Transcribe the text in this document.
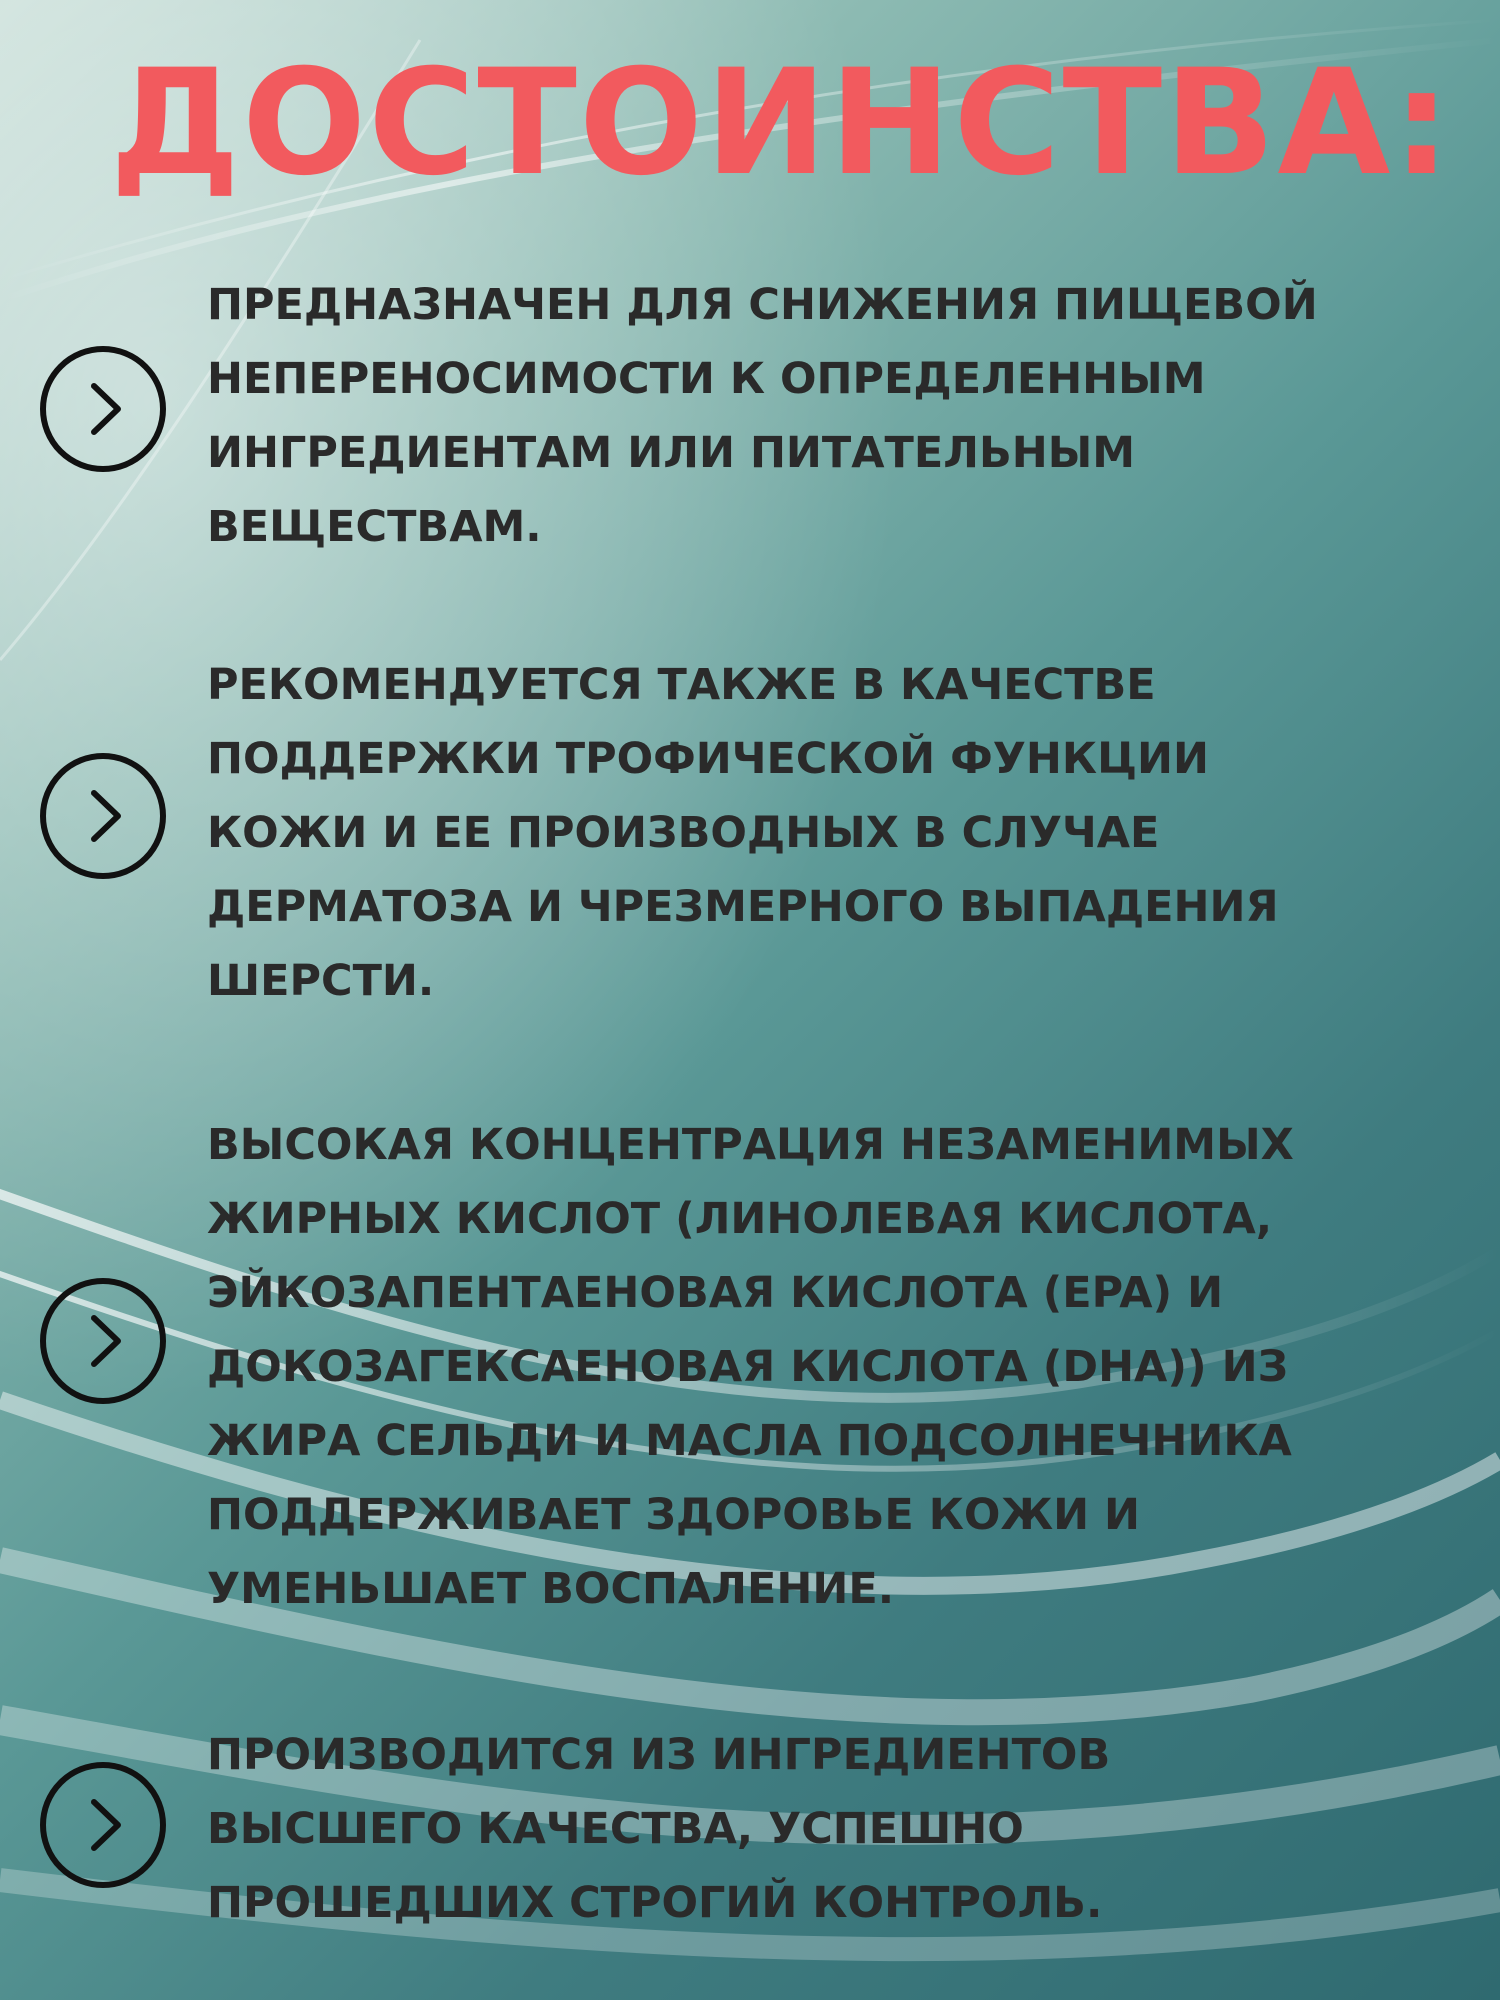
ДОСТОИНСТВА:

ПРЕДНАЗНАЧЕН ДЛЯ СНИЖЕНИЯ ПИЩЕВОЙ
НЕПЕРЕНОСИМОСТИ К ОПРЕДЕЛЕННЫМ
ИНГРЕДИЕНТАМ ИЛИ ПИТАТЕЛЬНЫМ
ВЕЩЕСТВАМ.

РЕКОМЕНДУЕТСЯ ТАКЖЕ В КАЧЕСТВЕ
ПОДДЕРЖКИ ТРОФИЧЕСКОЙ ФУНКЦИИ
КОЖИ И ЕЕ ПРОИЗВОДНЫХ В СЛУЧАЕ
ДЕРМАТОЗА И ЧРЕЗМЕРНОГО ВЫПАДЕНИЯ
ШЕРСТИ.

ВЫСОКАЯ КОНЦЕНТРАЦИЯ НЕЗАМЕНИМЫХ
ЖИРНЫХ КИСЛОТ (ЛИНОЛЕВАЯ КИСЛОТА,
ЭЙКОЗАПЕНТАЕНОВАЯ КИСЛОТА (EPA) И
ДОКОЗАГЕКСАЕНОВАЯ КИСЛОТА (DHA)) ИЗ
ЖИРА СЕЛЬДИ И МАСЛА ПОДСОЛНЕЧНИКА
ПОДДЕРЖИВАЕТ ЗДОРОВЬЕ КОЖИ И
УМЕНЬШАЕТ ВОСПАЛЕНИЕ.

ПРОИЗВОДИТСЯ ИЗ ИНГРЕДИЕНТОВ
ВЫСШЕГО КАЧЕСТВА, УСПЕШНО
ПРОШЕДШИХ СТРОГИЙ КОНТРОЛЬ.
